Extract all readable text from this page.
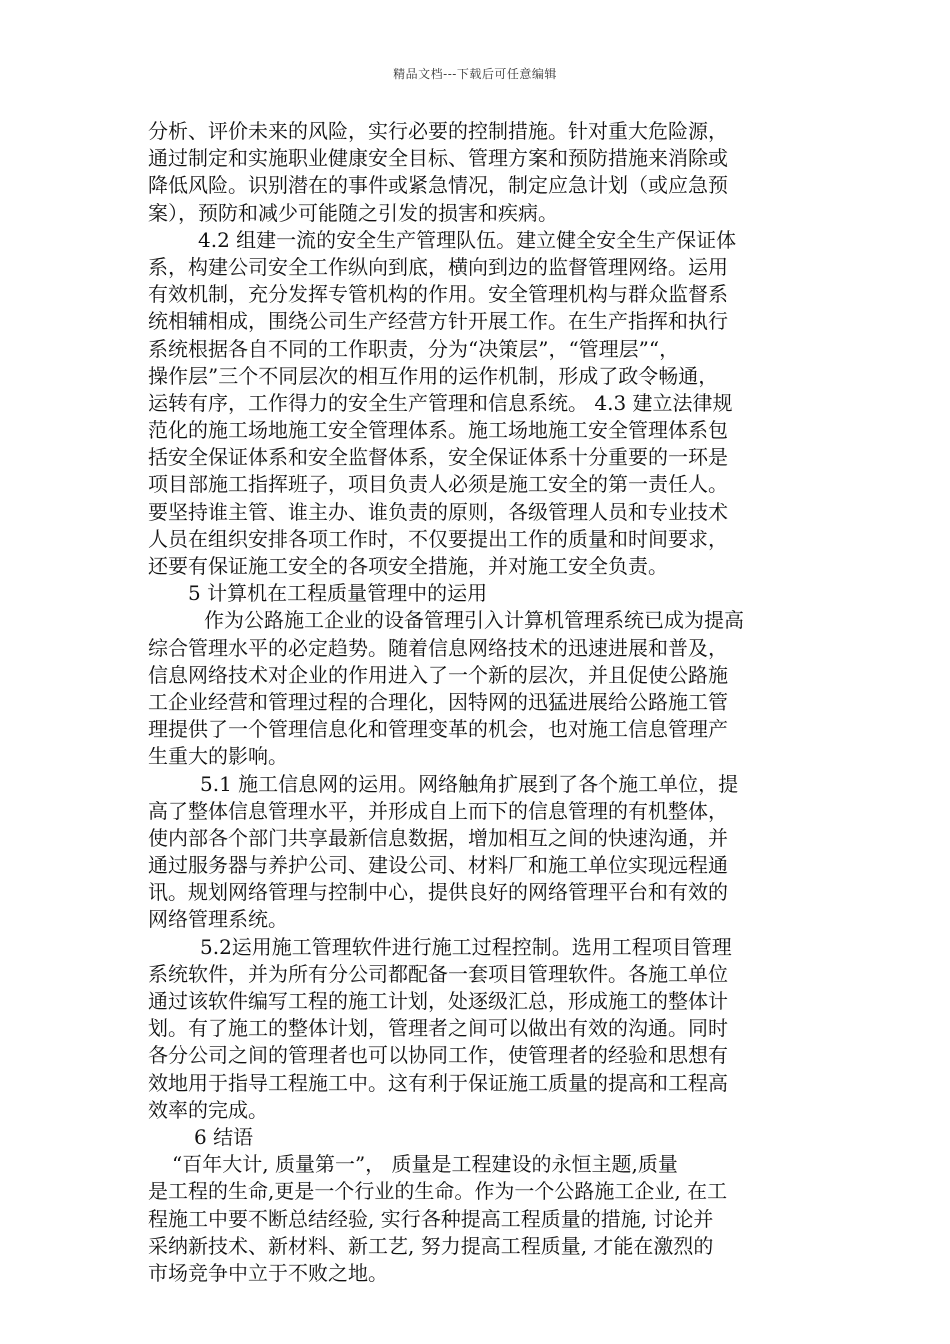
精品文档---下载后可任意编辑
分析、评价未来的风险，实行必要的控制措施。针对重大危险源，
通过制定和实施职业健康安全目标、管理方案和预防措施来消除或
降低风险。识别潜在的事件或紧急情况，制定应急计划（或应急预
案），预防和减少可能随之引发的损害和疾病。
4.2 组建一流的安全生产管理队伍。建立健全安全生产保证体
系，构建公司安全工作纵向到底，横向到边的监督管理网络。运用
有效机制，充分发挥专管机构的作用。安全管理机构与群众监督系
统相辅相成，围绕公司生产经营方针开展工作。在生产指挥和执行
系统根据各自不同的工作职责，分为“决策层”，“管理层”“，
操作层”三个不同层次的相互作用的运作机制，形成了政令畅通，
运转有序，工作得力的安全生产管理和信息系统。 4.3 建立法律规
范化的施工场地施工安全管理体系。施工场地施工安全管理体系包
括安全保证体系和安全监督体系，安全保证体系十分重要的一环是
项目部施工指挥班子，项目负责人必须是施工安全的第一责任人。
要坚持谁主管、谁主办、谁负责的原则，各级管理人员和专业技术
人员在组织安排各项工作时，不仅要提出工作的质量和时间要求，
还要有保证施工安全的各项安全措施，并对施工安全负责。
5 计算机在工程质量管理中的运用
作为公路施工企业的设备管理引入计算机管理系统已成为提高
综合管理水平的必定趋势。随着信息网络技术的迅速进展和普及，
信息网络技术对企业的作用进入了一个新的层次，并且促使公路施
工企业经营和管理过程的合理化，因特网的迅猛进展给公路施工管
理提供了一个管理信息化和管理变革的机会，也对施工信息管理产
生重大的影响。
5.1 施工信息网的运用。网络触角扩展到了各个施工单位，提
高了整体信息管理水平，并形成自上而下的信息管理的有机整体，
使内部各个部门共享最新信息数据，增加相互之间的快速沟通，并
通过服务器与养护公司、建设公司、材料厂和施工单位实现远程通
讯。规划网络管理与控制中心，提供良好的网络管理平台和有效的
网络管理系统。
5.2运用施工管理软件进行施工过程控制。选用工程项目管理
系统软件，并为所有分公司都配备一套项目管理软件。各施工单位
通过该软件编写工程的施工计划，处逐级汇总，形成施工的整体计
划。有了施工的整体计划，管理者之间可以做出有效的沟通。同时
各分公司之间的管理者也可以协同工作，使管理者的经验和思想有
效地用于指导工程施工中。这有利于保证施工质量的提高和工程高
效率的完成。
6 结语
“百年大计, 质量第一”， 质量是工程建设的永恒主题,质量
是工程的生命,更是一个行业的生命。作为一个公路施工企业, 在工
程施工中要不断总结经验, 实行各种提高工程质量的措施, 讨论并
采纳新技术、新材料、新工艺, 努力提高工程质量, 才能在激烈的
市场竞争中立于不败之地。
